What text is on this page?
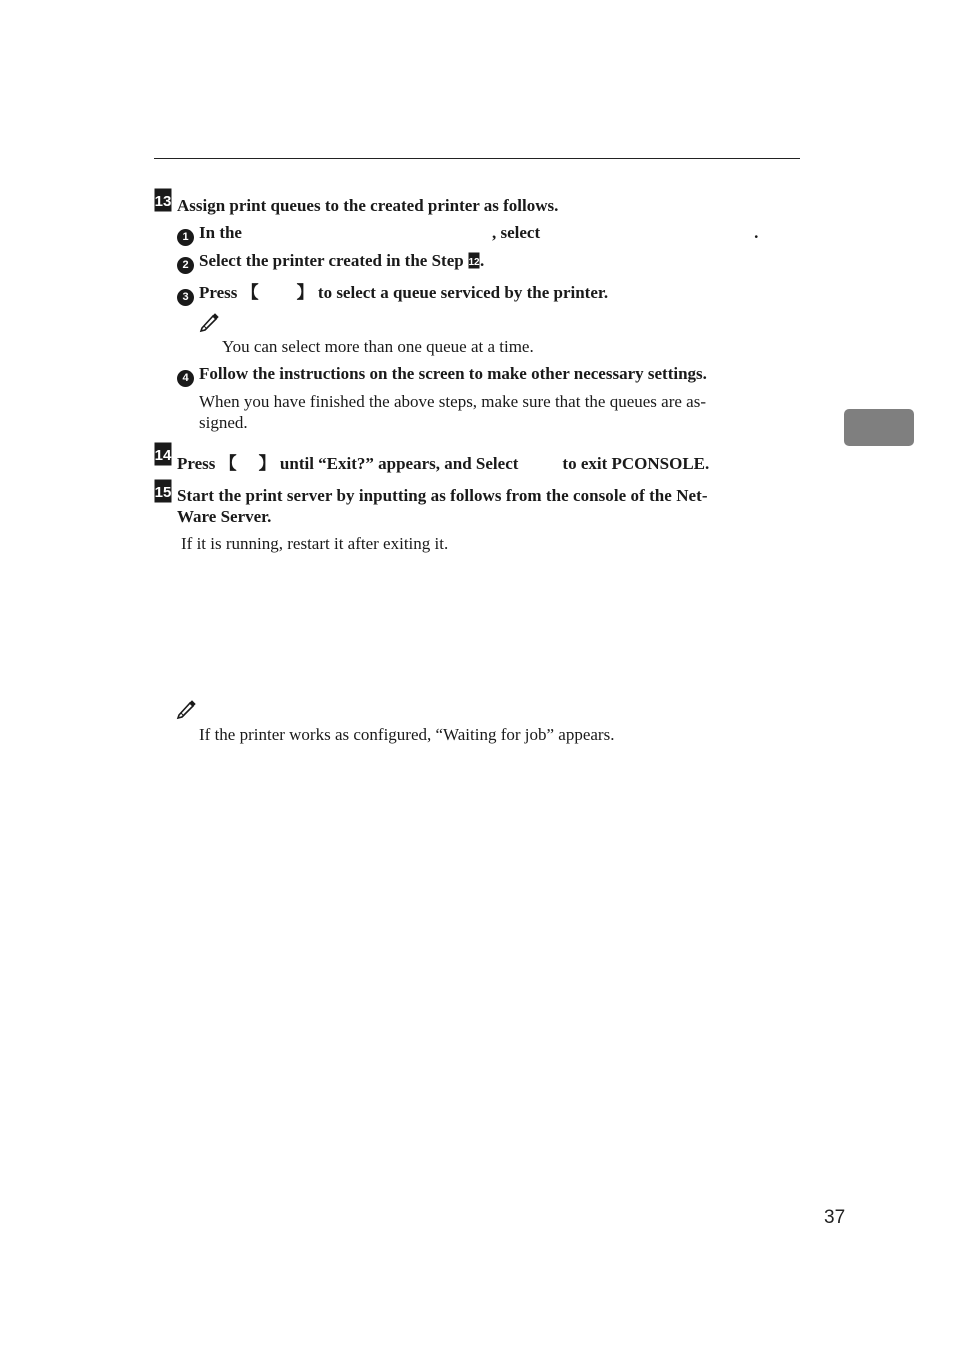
13 Assign print queues to the created printer as follows.
1 In the	, select	.
2 Select the printer created in the Step 12 .
3 Press 【 】 to select a queue serviced by the printer.
You can select more than one queue at a time.
4 Follow the instructions on the screen to make other necessary settings.
When you have finished the above steps, make sure that the queues are as-
signed.
14 Press 【 】 until “Exit?” appears, and Select	to exit PCONSOLE.
15 Start the print server by inputting as follows from the console of the Net-
Ware Server.
If it is running, restart it after exiting it.
If the printer works as configured, “Waiting for job” appears.
37
